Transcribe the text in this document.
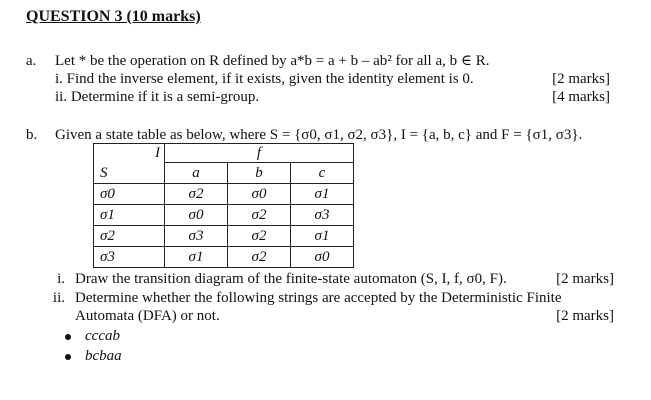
QUESTION 3 (10 marks)
a. Let * be the operation on R defined by a*b = a + b – ab² for all a, b ∈ R.
i. Find the inverse element, if it exists, given the identity element is 0.	[2 marks]
ii. Determine if it is a semi-group.	[4 marks]
b. Given a state table as below, where S = {σ0, σ1, σ2, σ3}, I = {a, b, c} and F = {σ1, σ3}.
I	f		
S	a	b	c
σ0	σ2	σ0	σ1
σ1	σ0	σ2	σ3
σ2	σ3	σ2	σ1
σ3	σ1	σ2	σ0
i. Draw the transition diagram of the finite-state automaton (S, I, f, σ0, F).	[2 marks]
ii. Determine whether the following strings are accepted by the Deterministic Finite
Automata (DFA) or not.	[2 marks]
cccab
bcbaa
